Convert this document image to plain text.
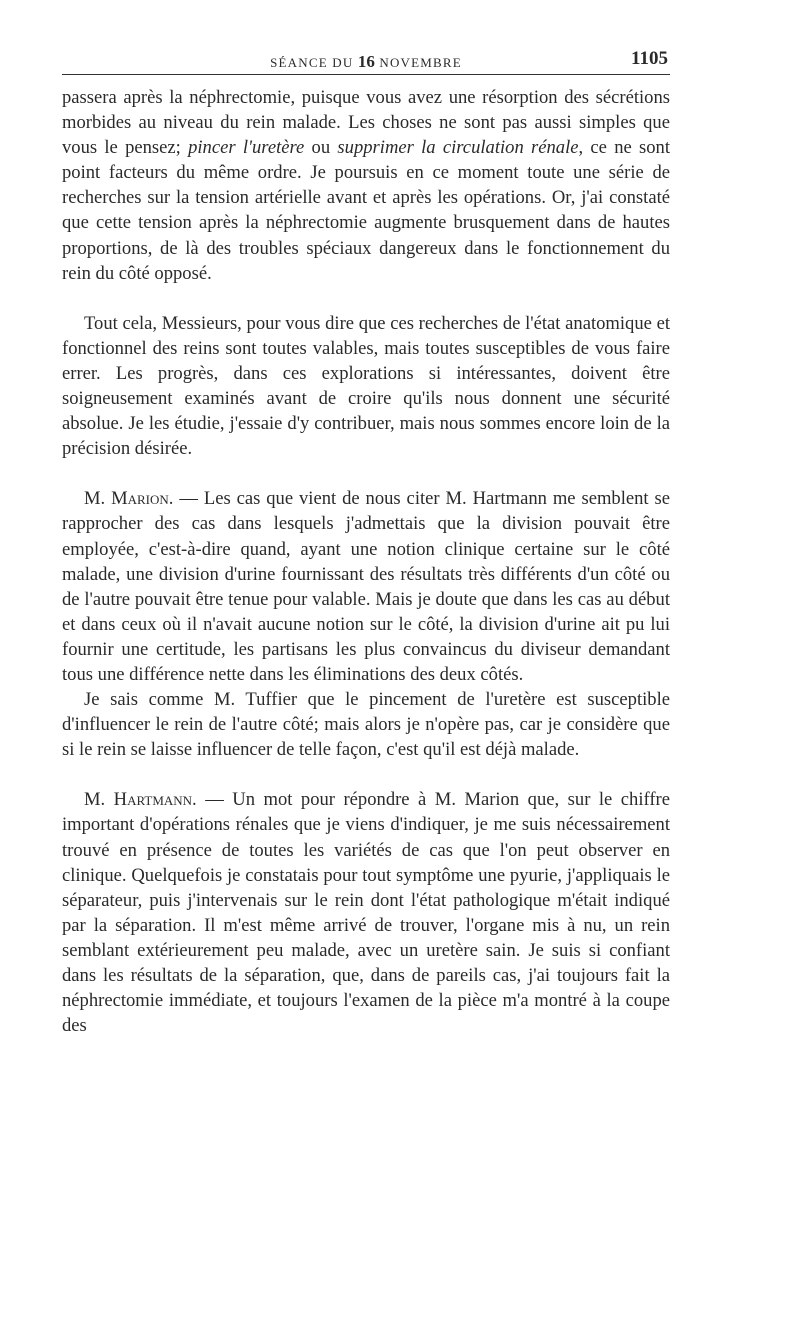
SÉANCE DU 16 NOVEMBRE	1105

passera après la néphrectomie, puisque vous avez une résorption des sécrétions morbides au niveau du rein malade. Les choses ne sont pas aussi simples que vous le pensez; pincer l'uretère ou supprimer la circulation rénale, ce ne sont point facteurs du même ordre. Je poursuis en ce moment toute une série de recherches sur la tension artérielle avant et après les opérations. Or, j'ai constaté que cette tension après la néphrectomie augmente brusquement dans de hautes proportions, de là des troubles spéciaux dangereux dans le fonctionnement du rein du côté opposé.

Tout cela, Messieurs, pour vous dire que ces recherches de l'état anatomique et fonctionnel des reins sont toutes valables, mais toutes susceptibles de vous faire errer. Les progrès, dans ces explorations si intéressantes, doivent être soigneusement examinés avant de croire qu'ils nous donnent une sécurité absolue. Je les étudie, j'essaie d'y contribuer, mais nous sommes encore loin de la précision désirée.

M. Marion. — Les cas que vient de nous citer M. Hartmann me semblent se rapprocher des cas dans lesquels j'admettais que la division pouvait être employée, c'est-à-dire quand, ayant une notion clinique certaine sur le côté malade, une division d'urine fournissant des résultats très différents d'un côté ou de l'autre pouvait être tenue pour valable. Mais je doute que dans les cas au début et dans ceux où il n'avait aucune notion sur le côté, la division d'urine ait pu lui fournir une certitude, les partisans les plus convaincus du diviseur demandant tous une différence nette dans les éliminations des deux côtés.

Je sais comme M. Tuffier que le pincement de l'uretère est susceptible d'influencer le rein de l'autre côté; mais alors je n'opère pas, car je considère que si le rein se laisse influencer de telle façon, c'est qu'il est déjà malade.

M. Hartmann. — Un mot pour répondre à M. Marion que, sur le chiffre important d'opérations rénales que je viens d'indiquer, je me suis nécessairement trouvé en présence de toutes les variétés de cas que l'on peut observer en clinique. Quelquefois je constatais pour tout symptôme une pyurie, j'appliquais le séparateur, puis j'intervenais sur le rein dont l'état pathologique m'était indiqué par la séparation. Il m'est même arrivé de trouver, l'organe mis à nu, un rein semblant extérieurement peu malade, avec un uretère sain. Je suis si confiant dans les résultats de la séparation, que, dans de pareils cas, j'ai toujours fait la néphrectomie immédiate, et toujours l'examen de la pièce m'a montré à la coupe des
